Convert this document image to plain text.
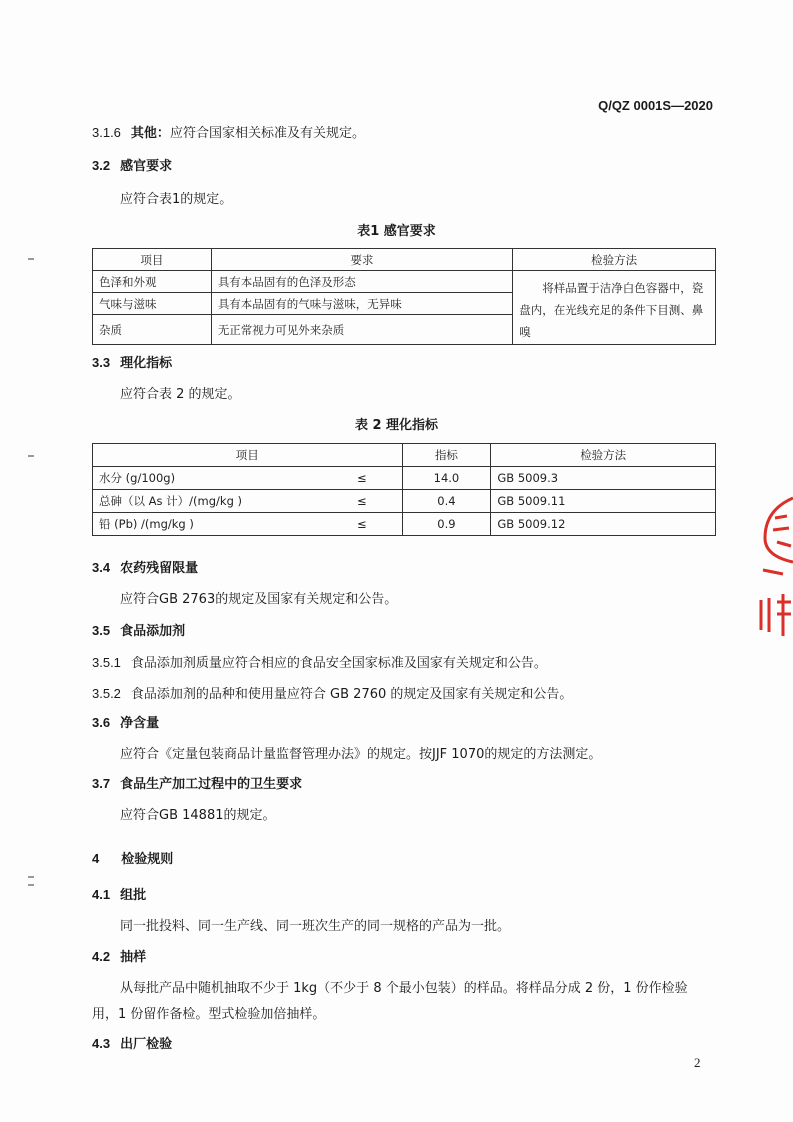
Q/QZ 0001S—2020
3.1.6 其他：应符合国家相关标准及有关规定。
3.2 感官要求
应符合表1的规定。
表1 感官要求
项目	要求	检验方法
色泽和外观	具有本品固有的色泽及形态	将样品置于洁净白色容器中，瓷盘内，在光线充足的条件下目测、鼻嗅
气味与滋味	具有本品固有的气味与滋味，无异味	
杂质	无正常视力可见外来杂质	
3.3 理化指标
应符合表 2 的规定。
表 2 理化指标
项目		指标	检验方法
水分 (g/100g)	≤	14.0	GB 5009.3
总砷（以 As 计）/(mg/kg )	≤	0.4	GB 5009.11
铅 (Pb) /(mg/kg )	≤	0.9	GB 5009.12
3.4 农药残留限量
应符合GB 2763的规定及国家有关规定和公告。
3.5 食品添加剂
3.5.1 食品添加剂质量应符合相应的食品安全国家标准及国家有关规定和公告。
3.5.2 食品添加剂的品种和使用量应符合 GB 2760 的规定及国家有关规定和公告。
3.6 净含量
应符合《定量包装商品计量监督管理办法》的规定。按JJF 1070的规定的方法测定。
3.7 食品生产加工过程中的卫生要求
应符合GB 14881的规定。
4 检验规则
4.1 组批
同一批投料、同一生产线、同一班次生产的同一规格的产品为一批。
4.2 抽样
从每批产品中随机抽取不少于 1kg（不少于 8 个最小包装）的样品。将样品分成 2 份，1 份作检验
用，1 份留作备检。型式检验加倍抽样。
4.3 出厂检验
2
